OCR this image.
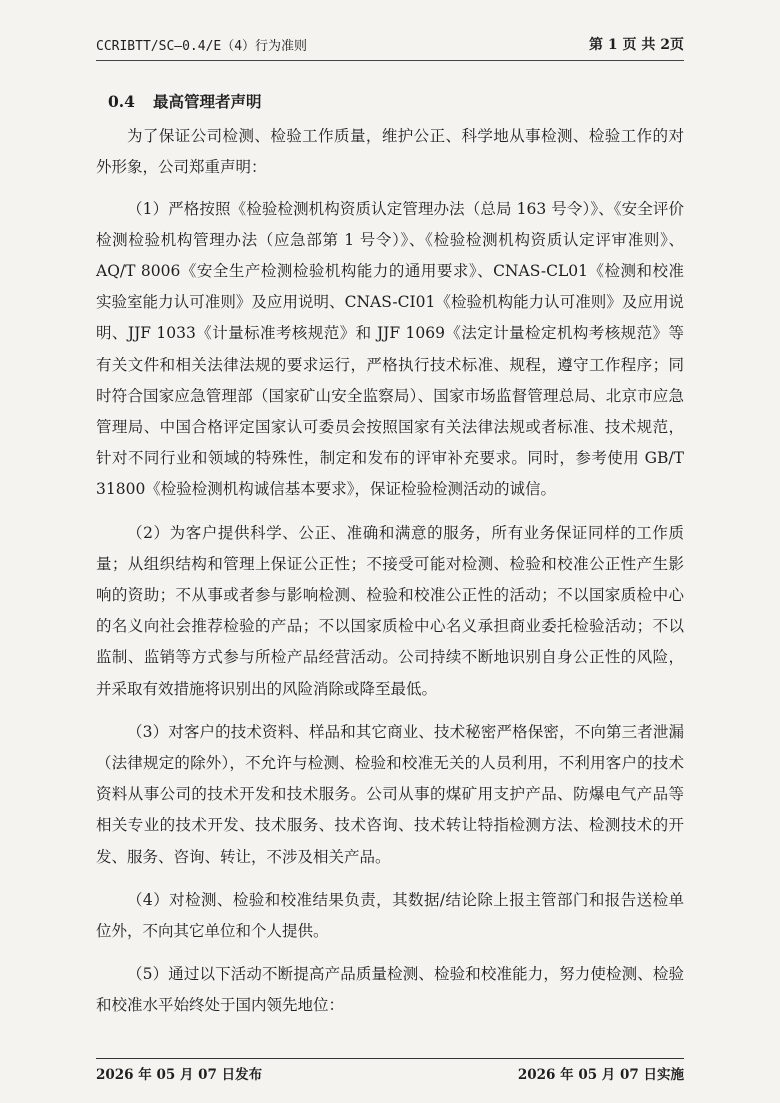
CCRIBTT/SC—0.4/E（4）行为准则	第 1 页 共 2页
0.4 最高管理者声明

为了保证公司检测、检验工作质量，维护公正、科学地从事检测、检验工作的对外形象，公司郑重声明：

（1）严格按照《检验检测机构资质认定管理办法（总局 163 号令）》、《安全评价检测检验机构管理办法（应急部第 1 号令）》、《检验检测机构资质认定评审准则》、AQ/T 8006《安全生产检测检验机构能力的通用要求》、CNAS-CL01《检测和校准实验室能力认可准则》及应用说明、CNAS-CI01《检验机构能力认可准则》及应用说明、JJF 1033《计量标准考核规范》和 JJF 1069《法定计量检定机构考核规范》等有关文件和相关法律法规的要求运行，严格执行技术标准、规程，遵守工作程序；同时符合国家应急管理部（国家矿山安全监察局）、国家市场监督管理总局、北京市应急管理局、中国合格评定国家认可委员会按照国家有关法律法规或者标准、技术规范，针对不同行业和领域的特殊性，制定和发布的评审补充要求。同时，参考使用 GB/T 31800《检验检测机构诚信基本要求》，保证检验检测活动的诚信。

（2）为客户提供科学、公正、准确和满意的服务，所有业务保证同样的工作质量；从组织结构和管理上保证公正性；不接受可能对检测、检验和校准公正性产生影响的资助；不从事或者参与影响检测、检验和校准公正性的活动；不以国家质检中心的名义向社会推荐检验的产品；不以国家质检中心名义承担商业委托检验活动；不以监制、监销等方式参与所检产品经营活动。公司持续不断地识别自身公正性的风险，并采取有效措施将识别出的风险消除或降至最低。

（3）对客户的技术资料、样品和其它商业、技术秘密严格保密，不向第三者泄漏（法律规定的除外），不允许与检测、检验和校准无关的人员利用，不利用客户的技术资料从事公司的技术开发和技术服务。公司从事的煤矿用支护产品、防爆电气产品等相关专业的技术开发、技术服务、技术咨询、技术转让特指检测方法、检测技术的开发、服务、咨询、转让，不涉及相关产品。

（4）对检测、检验和校准结果负责，其数据/结论除上报主管部门和报告送检单位外，不向其它单位和个人提供。

（5）通过以下活动不断提高产品质量检测、检验和校准能力，努力使检测、检验和校准水平始终处于国内领先地位：

2026 年 05 月 07 日发布	2026 年 05 月 07 日实施
